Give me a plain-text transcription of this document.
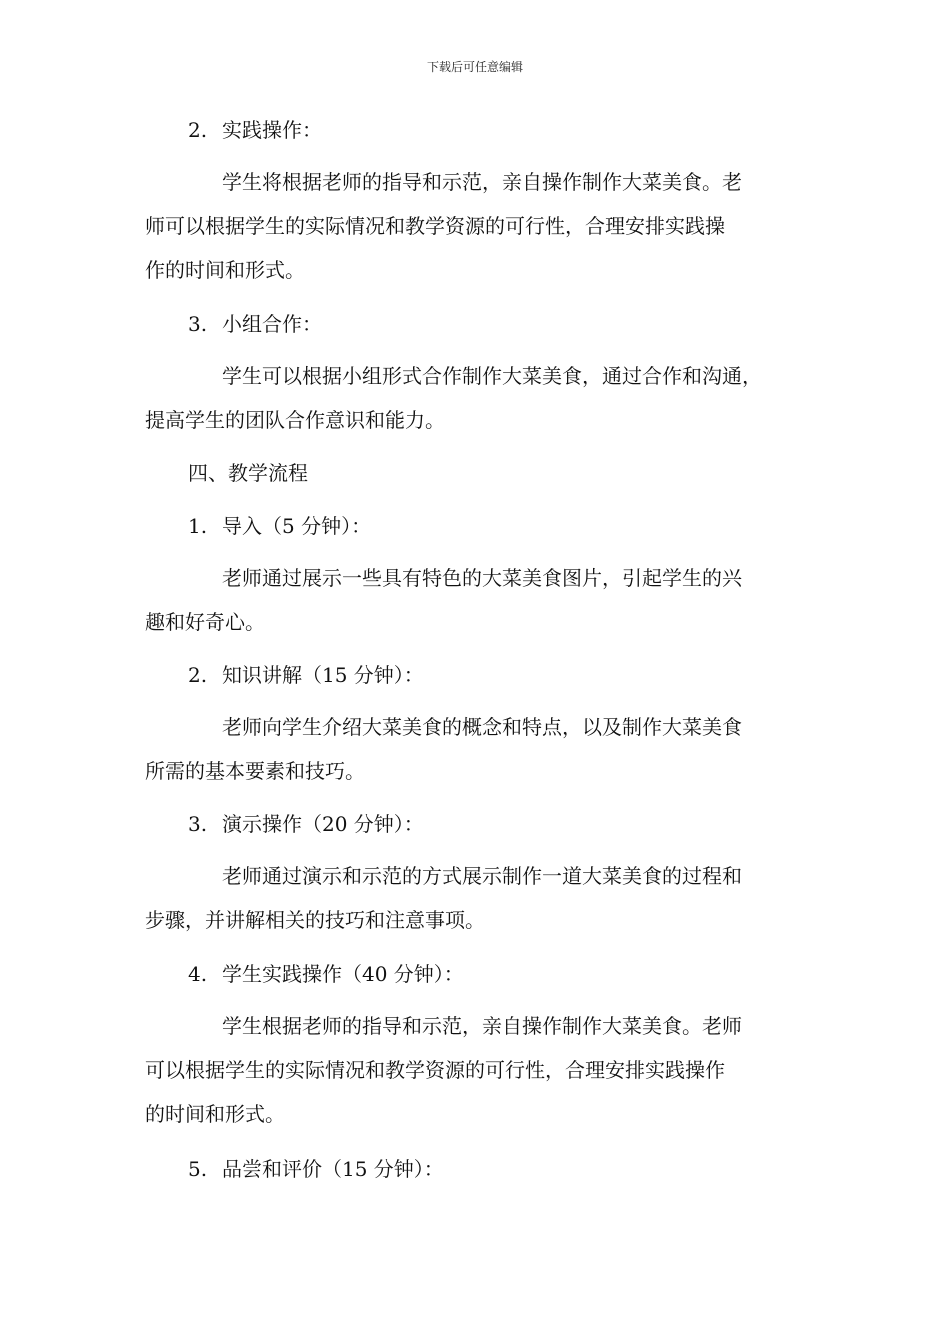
下载后可任意编辑
2. 实践操作：
学生将根据老师的指导和示范，亲自操作制作大菜美食。老
师可以根据学生的实际情况和教学资源的可行性，合理安排实践操
作的时间和形式。
3. 小组合作：
学生可以根据小组形式合作制作大菜美食，通过合作和沟通，
提高学生的团队合作意识和能力。
四、教学流程
1. 导入（5 分钟）：
老师通过展示一些具有特色的大菜美食图片，引起学生的兴
趣和好奇心。
2. 知识讲解（15 分钟）：
老师向学生介绍大菜美食的概念和特点，以及制作大菜美食
所需的基本要素和技巧。
3. 演示操作（20 分钟）：
老师通过演示和示范的方式展示制作一道大菜美食的过程和
步骤，并讲解相关的技巧和注意事项。
4. 学生实践操作（40 分钟）：
学生根据老师的指导和示范，亲自操作制作大菜美食。老师
可以根据学生的实际情况和教学资源的可行性，合理安排实践操作
的时间和形式。
5. 品尝和评价（15 分钟）：
